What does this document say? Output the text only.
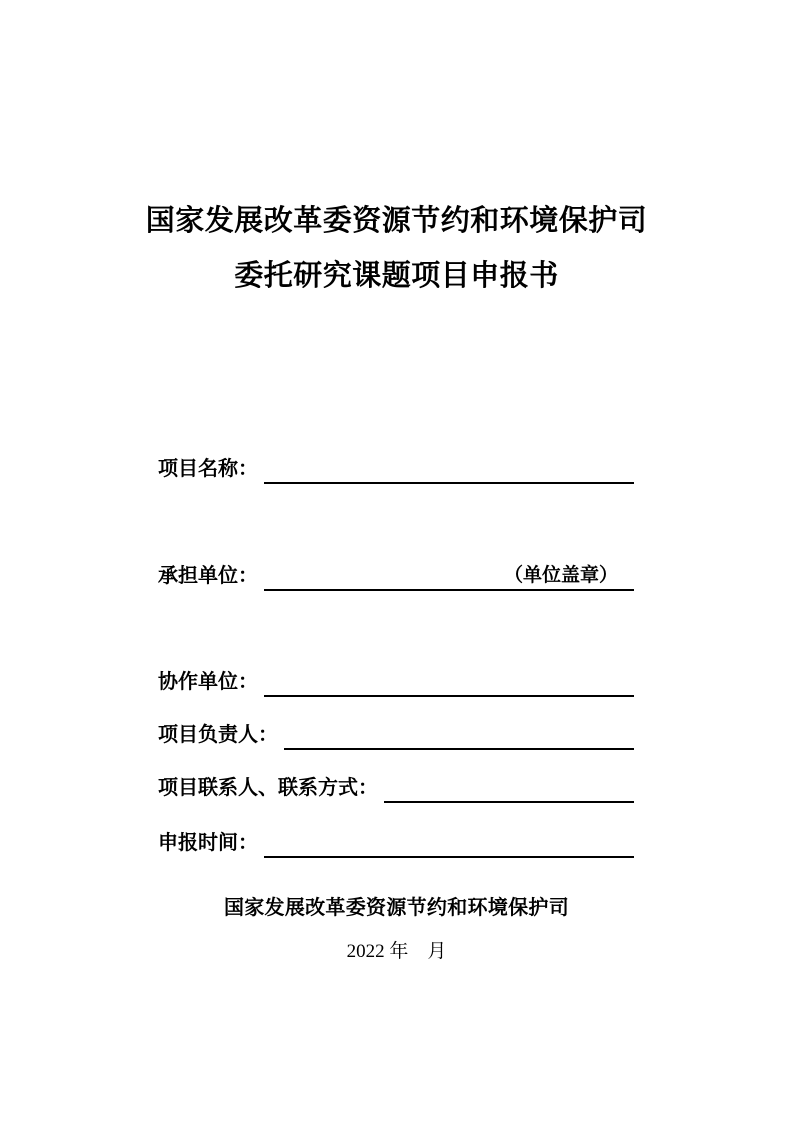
国家发展改革委资源节约和环境保护司
委托研究课题项目申报书
项目名称：
承担单位：	（单位盖章）
协作单位：
项目负责人：
项目联系人、联系方式：
申报时间：
国家发展改革委资源节约和环境保护司
2022 年　月
